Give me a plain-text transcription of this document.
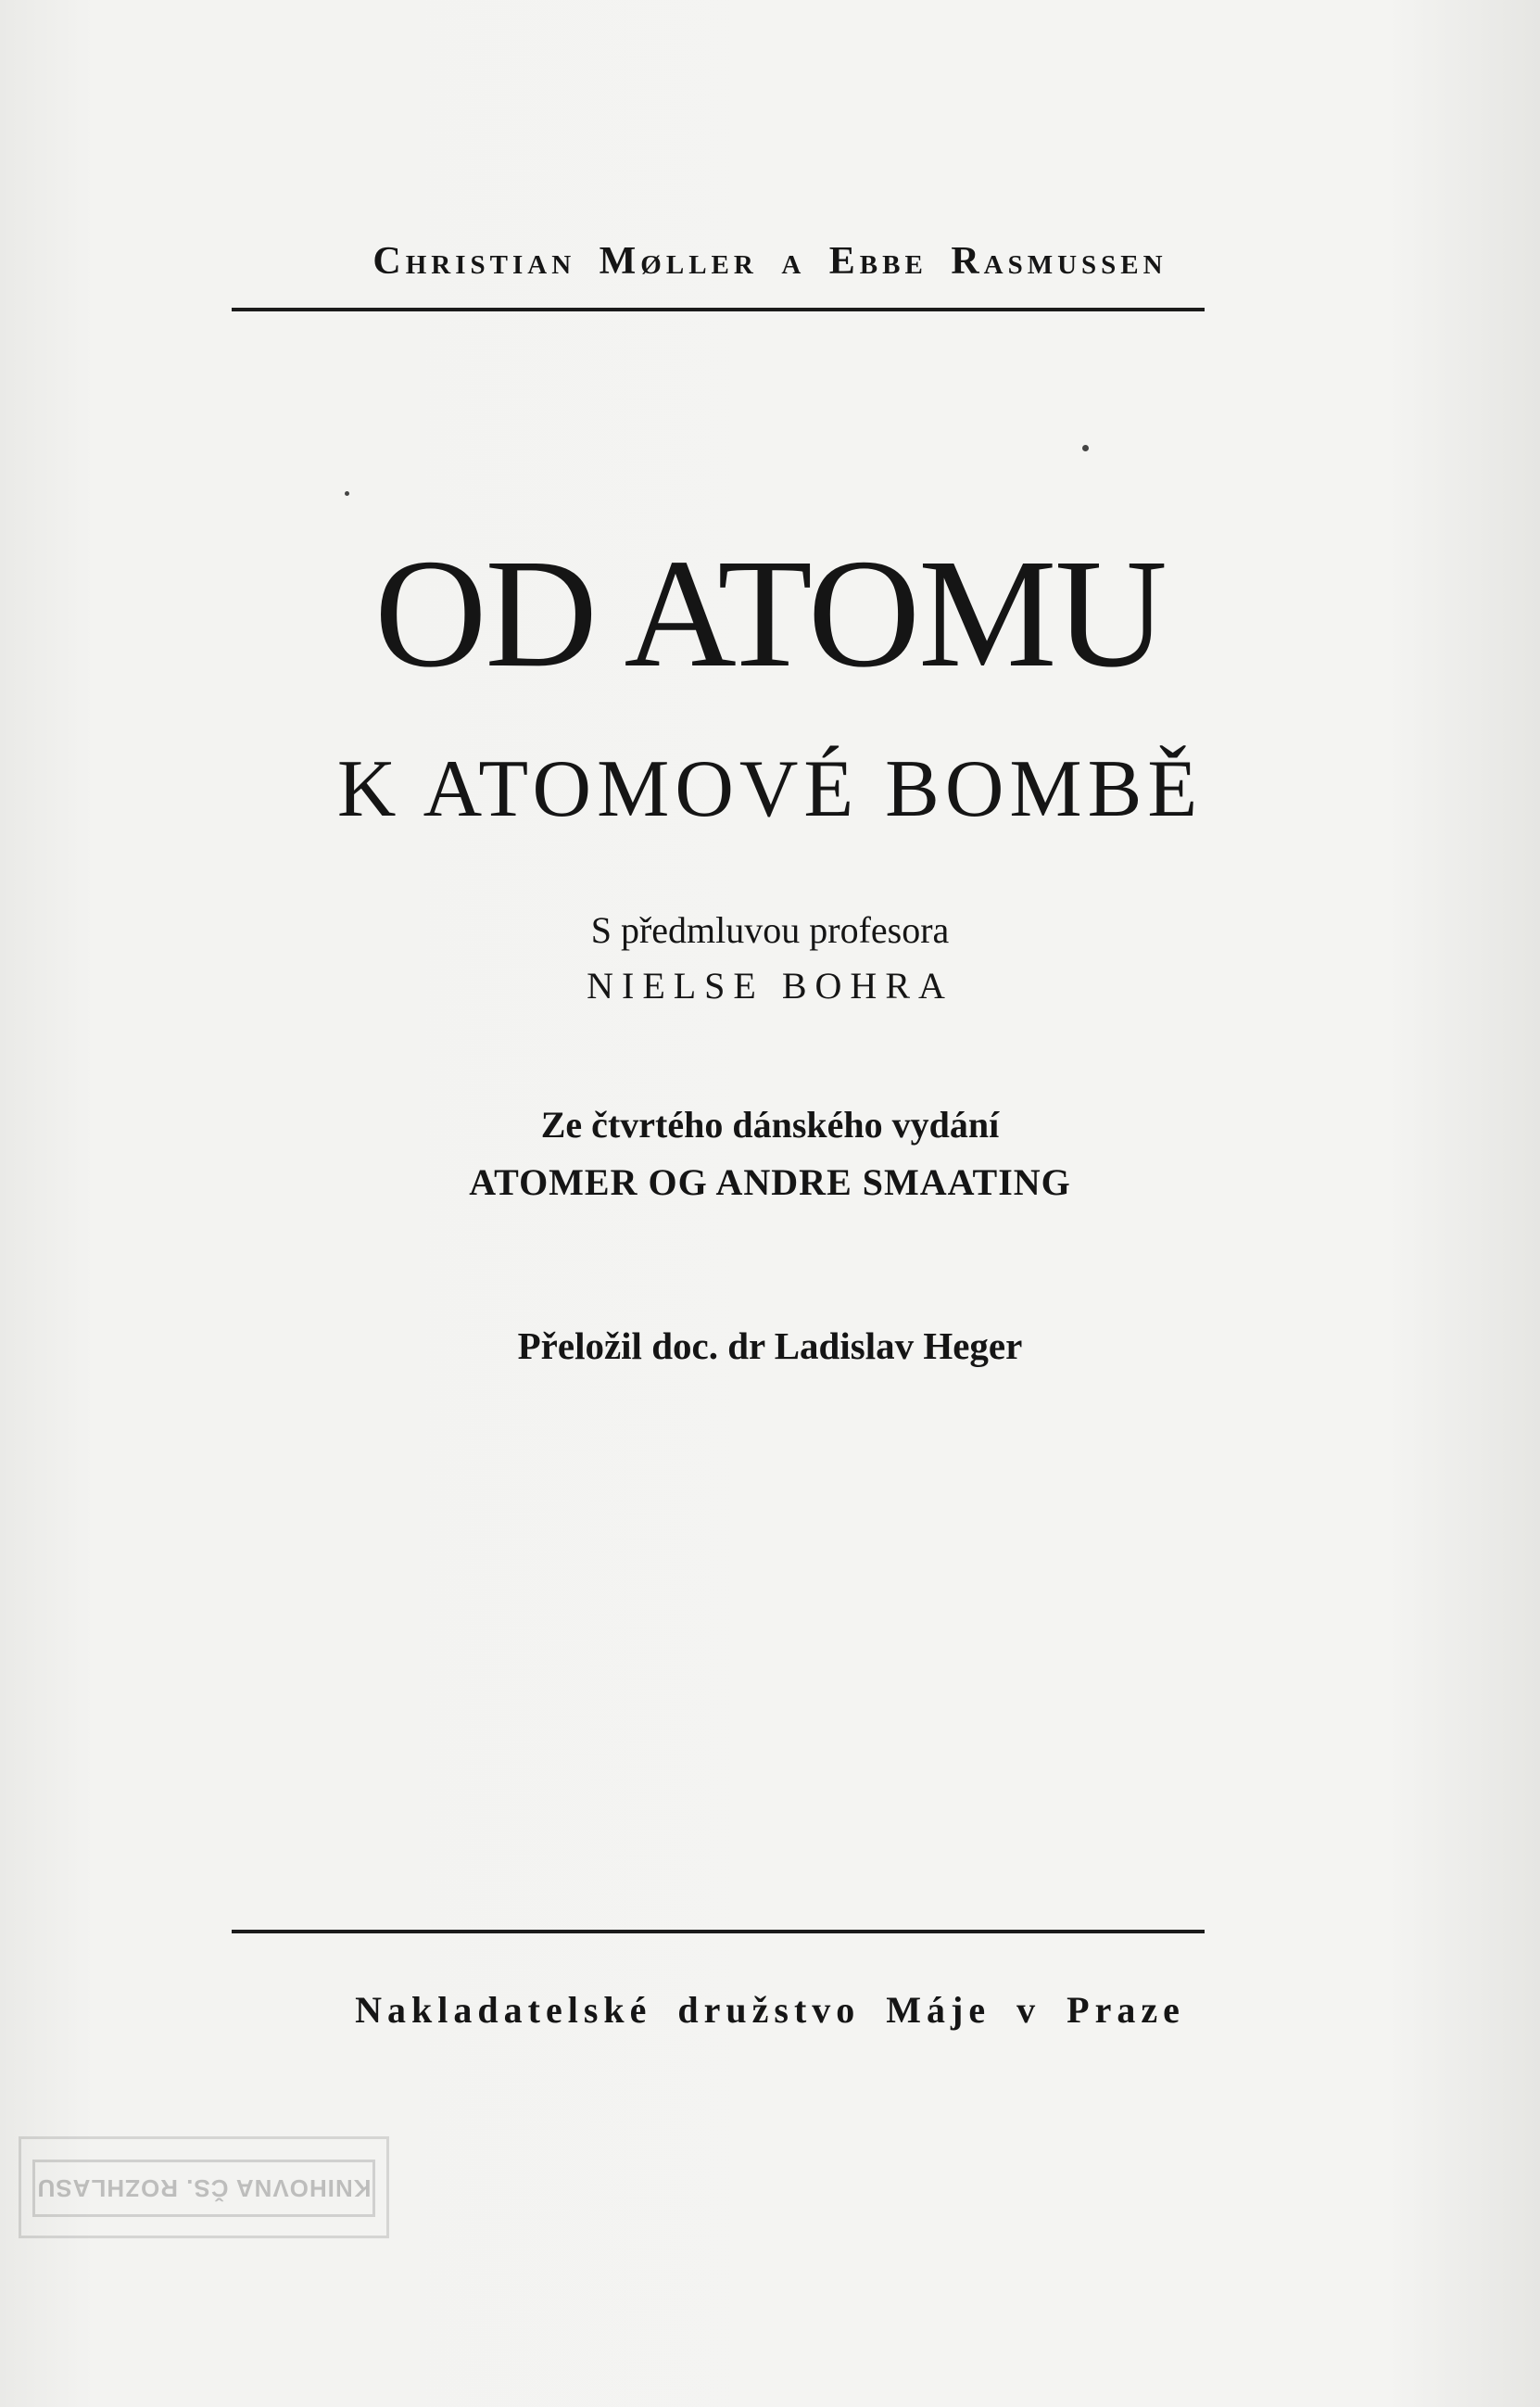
Christian Møller a Ebbe Rasmussen
OD ATOMU
K ATOMOVÉ BOMBĚ
S předmluvou profesora
NIELSE BOHRA
Ze čtvrtého dánského vydání
ATOMER OG ANDRE SMAATING
Přeložil doc. dr Ladislav Heger
Nakladatelské družstvo Máje v Praze
KNIHOVNA ČS. ROZHLASU
